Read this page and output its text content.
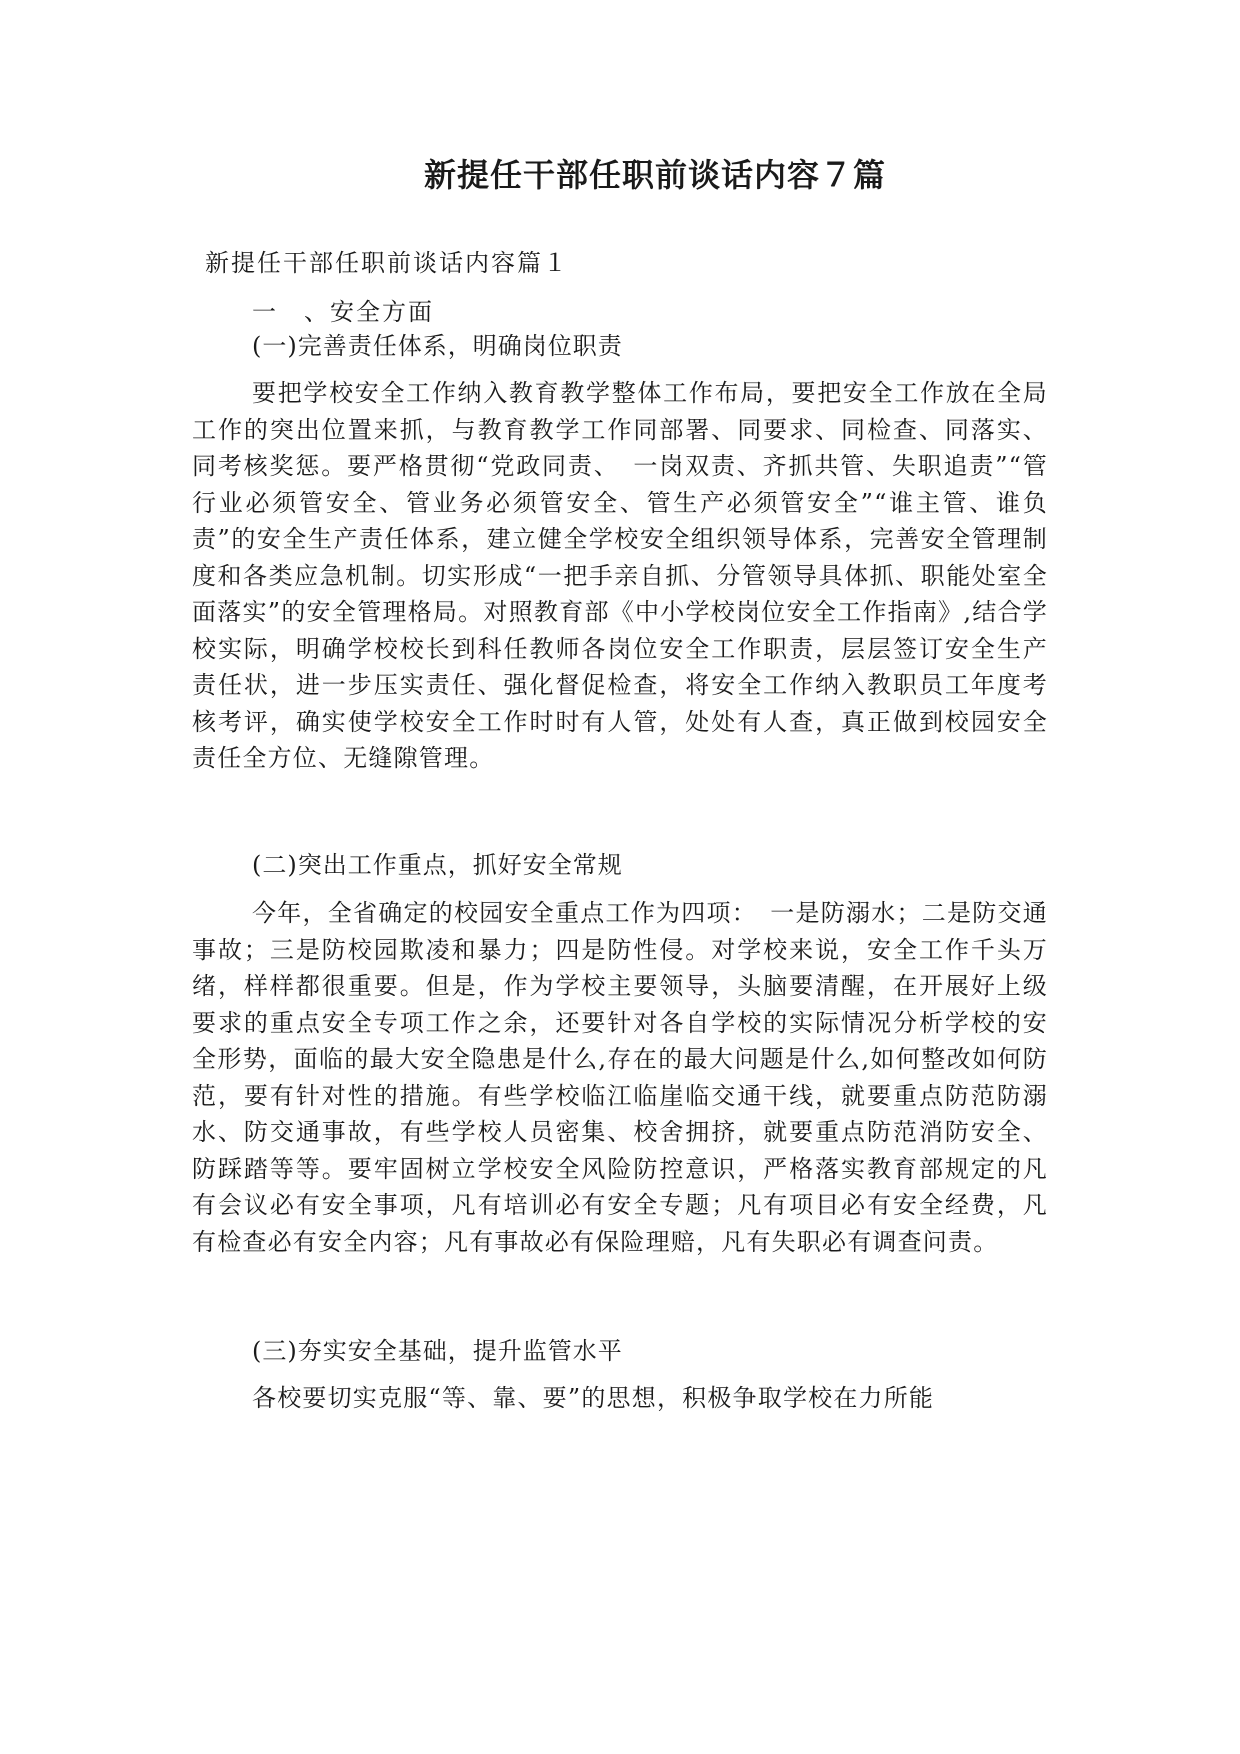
新提任干部任职前谈话内容７篇
新提任干部任职前谈话内容篇１
一　、安全方面
(一)完善责任体系，明确岗位职责

要把学校安全工作纳入教育教学整体工作布局，要把安全工作放在全局工作的突出位置来抓，与教育教学工作同部署、同要求、同检查、同落实、同考核奖惩。要严格贯彻“党政同责、　一岗双责、齐抓共管、失职追责”“管行业必须管安全、管业务必须管安全、管生产必须管安全”“谁主管、谁负责”的安全生产责任体系，建立健全学校安全组织领导体系，完善安全管理制度和各类应急机制。切实形成“一把手亲自抓、分管领导具体抓、职能处室全面落实”的安全管理格局。对照教育部《中小学校岗位安全工作指南》,结合学校实际，明确学校校长到科任教师各岗位安全工作职责，层层签订安全生产责任状，进一步压实责任、强化督促检查，将安全工作纳入教职员工年度考核考评，确实使学校安全工作时时有人管，处处有人查，真正做到校园安全责任全方位、无缝隙管理。

(二)突出工作重点，抓好安全常规

今年，全省确定的校园安全重点工作为四项：　一是防溺水；二是防交通事故；三是防校园欺凌和暴力；四是防性侵。对学校来说，安全工作千头万绪，样样都很重要。但是，作为学校主要领导，头脑要清醒，在开展好上级要求的重点安全专项工作之余，还要针对各自学校的实际情况分析学校的安全形势，面临的最大安全隐患是什么,存在的最大问题是什么,如何整改如何防范，要有针对性的措施。有些学校临江临崖临交通干线，就要重点防范防溺水、防交通事故，有些学校人员密集、校舍拥挤，就要重点防范消防安全、防踩踏等等。要牢固树立学校安全风险防控意识，严格落实教育部规定的凡有会议必有安全事项，凡有培训必有安全专题；凡有项目必有安全经费，凡有检查必有安全内容；凡有事故必有保险理赔，凡有失职必有调查问责。

(三)夯实安全基础，提升监管水平

各校要切实克服“等、靠、要”的思想，积极争取学校在力所能
